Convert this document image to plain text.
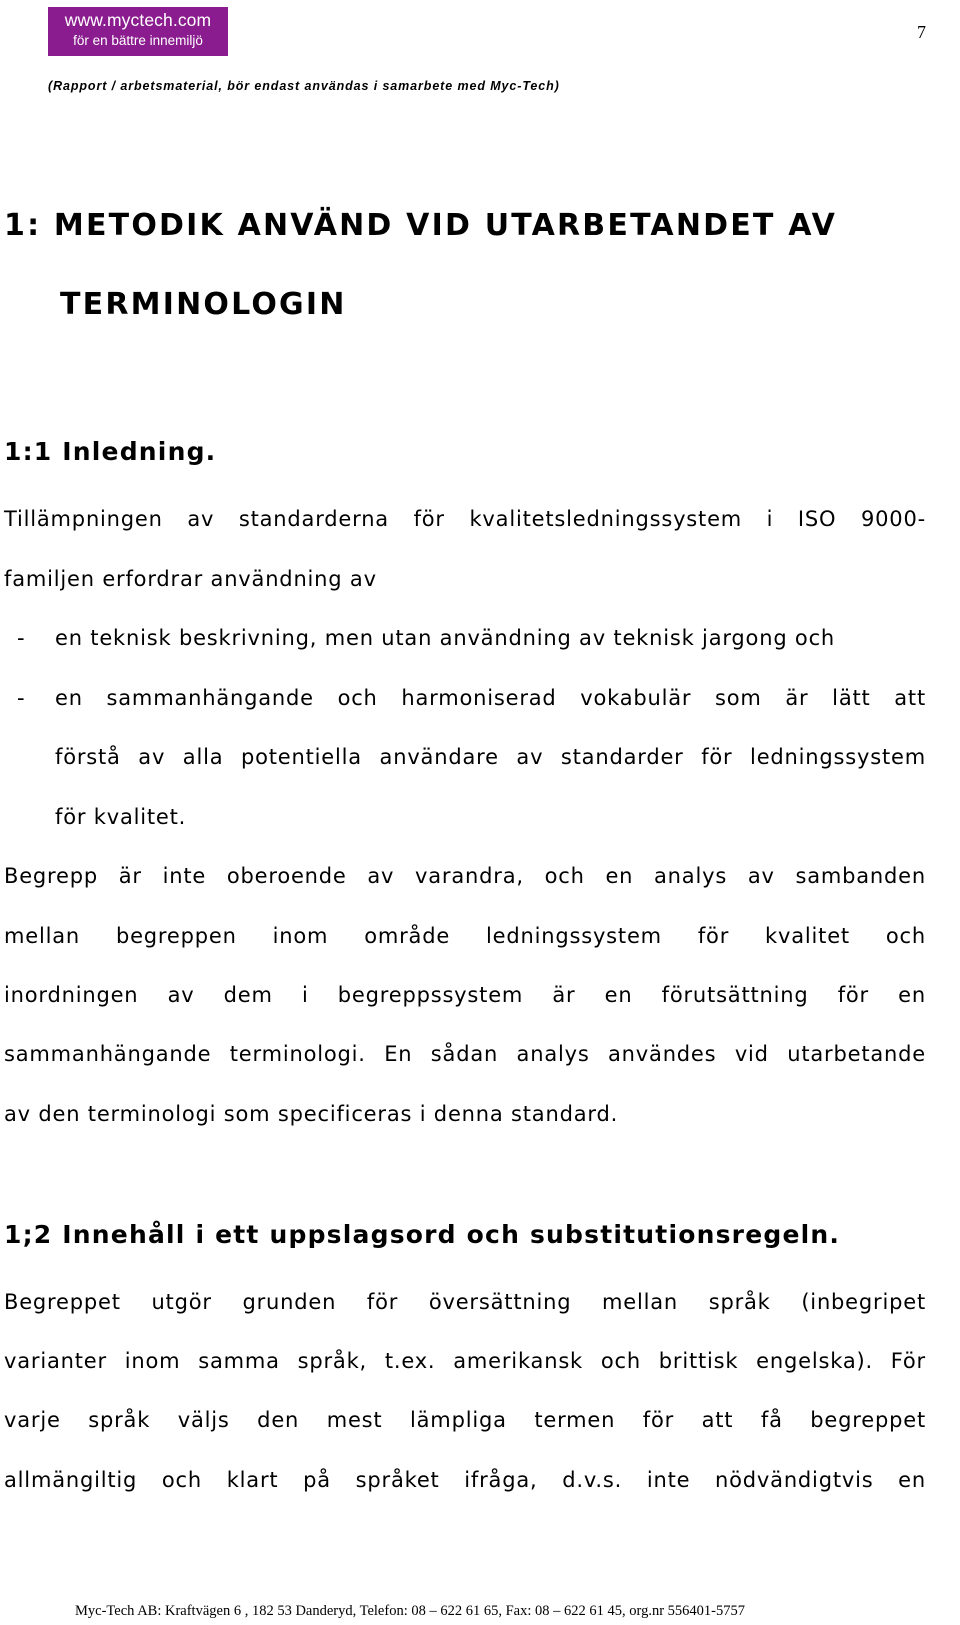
www.myctech.com
för en bättre innemiljö	7
(Rapport / arbetsmaterial, bör endast användas i samarbete med Myc-Tech)
1: METODIK ANVÄND VID UTARBETANDET AV
TERMINOLOGIN
1:1 Inledning.
Tillämpningen av standarderna för kvalitetsledningssystem i ISO 9000-
familjen erfordrar användning av
- en teknisk beskrivning, men utan användning av teknisk jargong och
- en sammanhängande och harmoniserad vokabulär som är lätt att
förstå av alla potentiella användare av standarder för ledningssystem
för kvalitet.
Begrepp är inte oberoende av varandra, och en analys av sambanden
mellan begreppen inom område ledningssystem för kvalitet och
inordningen av dem i begreppssystem är en förutsättning för en
sammanhängande terminologi. En sådan analys användes vid utarbetande
av den terminologi som specificeras i denna standard.
1;2 Innehåll i ett uppslagsord och substitutionsregeln.
Begreppet utgör grunden för översättning mellan språk (inbegripet
varianter inom samma språk, t.ex. amerikansk och brittisk engelska). För
varje språk väljs den mest lämpliga termen för att få begreppet
allmängiltig och klart på språket ifråga, d.v.s. inte nödvändigtvis en
Myc-Tech AB: Kraftvägen 6 , 182 53 Danderyd, Telefon: 08 – 622 61 65, Fax: 08 – 622 61 45, org.nr 556401-5757
